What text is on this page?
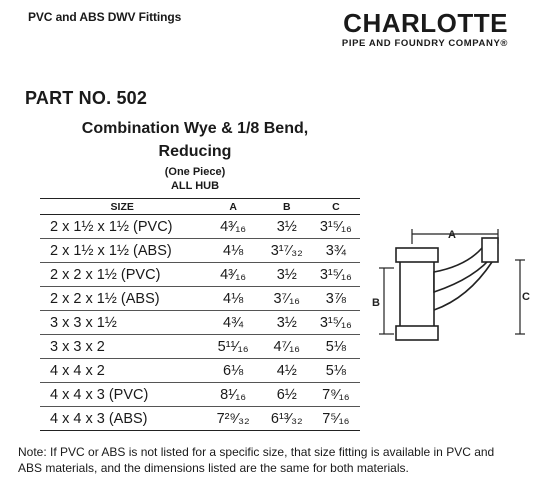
PVC and ABS DWV Fittings	CHARLOTTE
PIPE AND FOUNDRY COMPANY®
PART NO. 502
Combination Wye & 1/8 Bend,
Reducing
(One Piece)
ALL HUB
SIZE	A	B	C
2 x 1½ x 1½ (PVC)	4³⁄₁₆	3½	3¹⁵⁄₁₆
2 x 1½ x 1½ (ABS)	4⅛	3¹⁷⁄₃₂	3¾
2 x 2 x 1½ (PVC)	4³⁄₁₆	3½	3¹⁵⁄₁₆
2 x 2 x 1½ (ABS)	4⅛	3⁷⁄₁₆	3⅞
3 x 3 x 1½	4¾	3½	3¹⁵⁄₁₆
3 x 3 x 2	5¹¹⁄₁₆	4⁷⁄₁₆	5⅛
4 x 4 x 2	6⅛	4½	5⅛
4 x 4 x 3 (PVC)	8¹⁄₁₆	6½	7⁹⁄₁₆
4 x 4 x 3 (ABS)	7²⁹⁄₃₂	6¹³⁄₃₂	7⁵⁄₁₆
A
B	C
Note: If PVC or ABS is not listed for a specific size, that size fitting is available in PVC and ABS materials, and the dimensions listed are the same for both materials.
